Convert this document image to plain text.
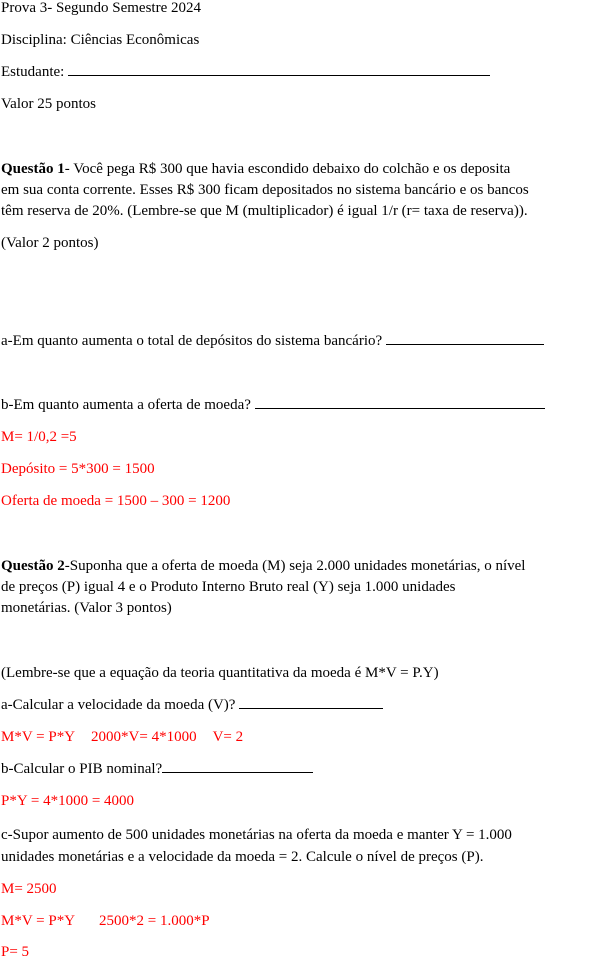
Prova 3- Segundo Semestre 2024
Disciplina: Ciências Econômicas
Estudante:
Valor 25 pontos
Questão 1- Você pega R$ 300 que havia escondido debaixo do colchão e os deposita
em sua conta corrente. Esses R$ 300 ficam depositados no sistema bancário e os bancos
têm reserva de 20%. (Lembre-se que M (multiplicador) é igual 1/r (r= taxa de reserva)).
(Valor 2 pontos)
a-Em quanto aumenta o total de depósitos do sistema bancário?
b-Em quanto aumenta a oferta de moeda?
M= 1/0,2 =5
Depósito = 5*300 = 1500
Oferta de moeda = 1500 – 300 = 1200
Questão 2-Suponha que a oferta de moeda (M) seja 2.000 unidades monetárias, o nível
de preços (P) igual 4 e o Produto Interno Bruto real (Y) seja 1.000 unidades
monetárias. (Valor 3 pontos)
(Lembre-se que a equação da teoria quantitativa da moeda é M*V = P.Y)
a-Calcular a velocidade da moeda (V)?
M*V = P*Y 2000*V= 4*1000 V= 2
b-Calcular o PIB nominal?
P*Y = 4*1000 = 4000
c-Supor aumento de 500 unidades monetárias na oferta da moeda e manter Y = 1.000
unidades monetárias e a velocidade da moeda = 2. Calcule o nível de preços (P).
M= 2500
M*V = P*Y 2500*2 = 1.000*P
P= 5
